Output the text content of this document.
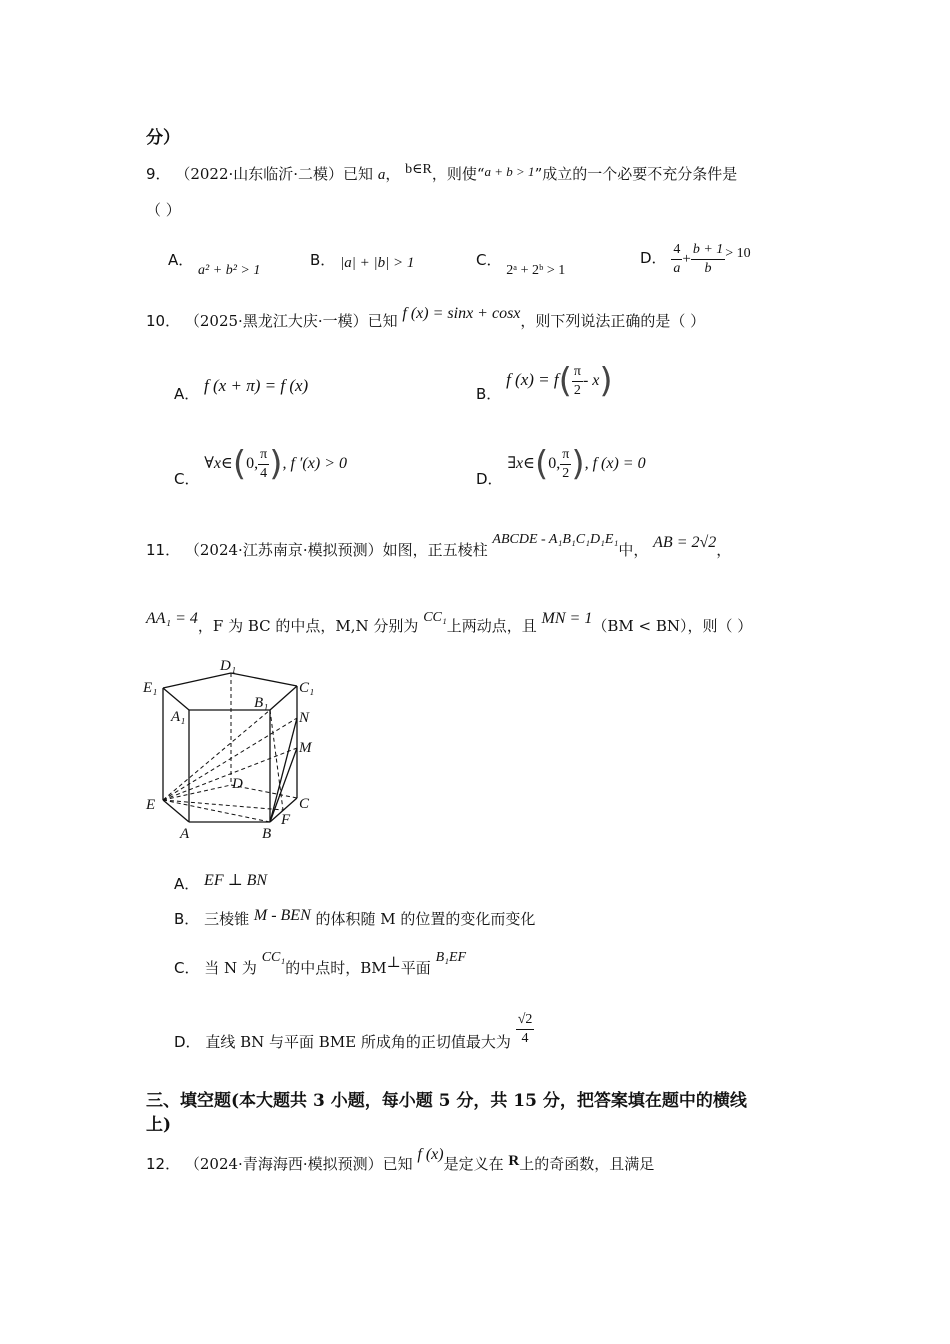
分）
9． （2022·山东临沂·二模）已知 a， b∈R，则使“a + b > 1”成立的一个必要不充分条件是
（ ）
A． a² + b² > 1
B． |a| + |b| > 1	C． 2ᵃ + 2ᵇ > 1
D． $\frac{4}{a} + \frac{b + 1}{b} > 10$
10． （2025·黑龙江大庆·一模）已知 f (x) = sinx + cosx，则下列说法正确的是（ ）
A． f (x + π) = f (x)	B． f $(x) = f( \frac{\pi}{2} - x)$
C． ∀x∈(0, $\frac{\pi}{4}$ ), f ′(x) > 0
D． ∃x∈(0, $\frac{\pi}{2}$ ), f (x) = 0
11． （2024·江苏南京·模拟预测）如图，正五棱柱 ABCDE - A₁B₁C₁D₁E₁中， AB = 2√2，
AA₁ = 4，F 为 BC 的中点，M,N 分别为 CC₁上两动点，且 MN = 1（BM < BN），则（ ）
D₁
E₁	C₁
B₁
A₁	N
M
D
E	C
F
A	B
A． EF ⊥ BN
B． 三棱锥 M - BEN 的体积随 M 的位置的变化而变化
C． 当 N 为 CC₁的中点时，BM⊥平面 B₁EF
D． 直线 BN 与平面 BME 所成角的正切值最大为 $\frac{√2}{4}$
三、填空题(本大题共 3 小题，每小题 5 分，共 15 分，把答案填在题中的横线
上)
12． （2024·青海海西·模拟预测）已知 f (x)是定义在 R上的奇函数，且满足
